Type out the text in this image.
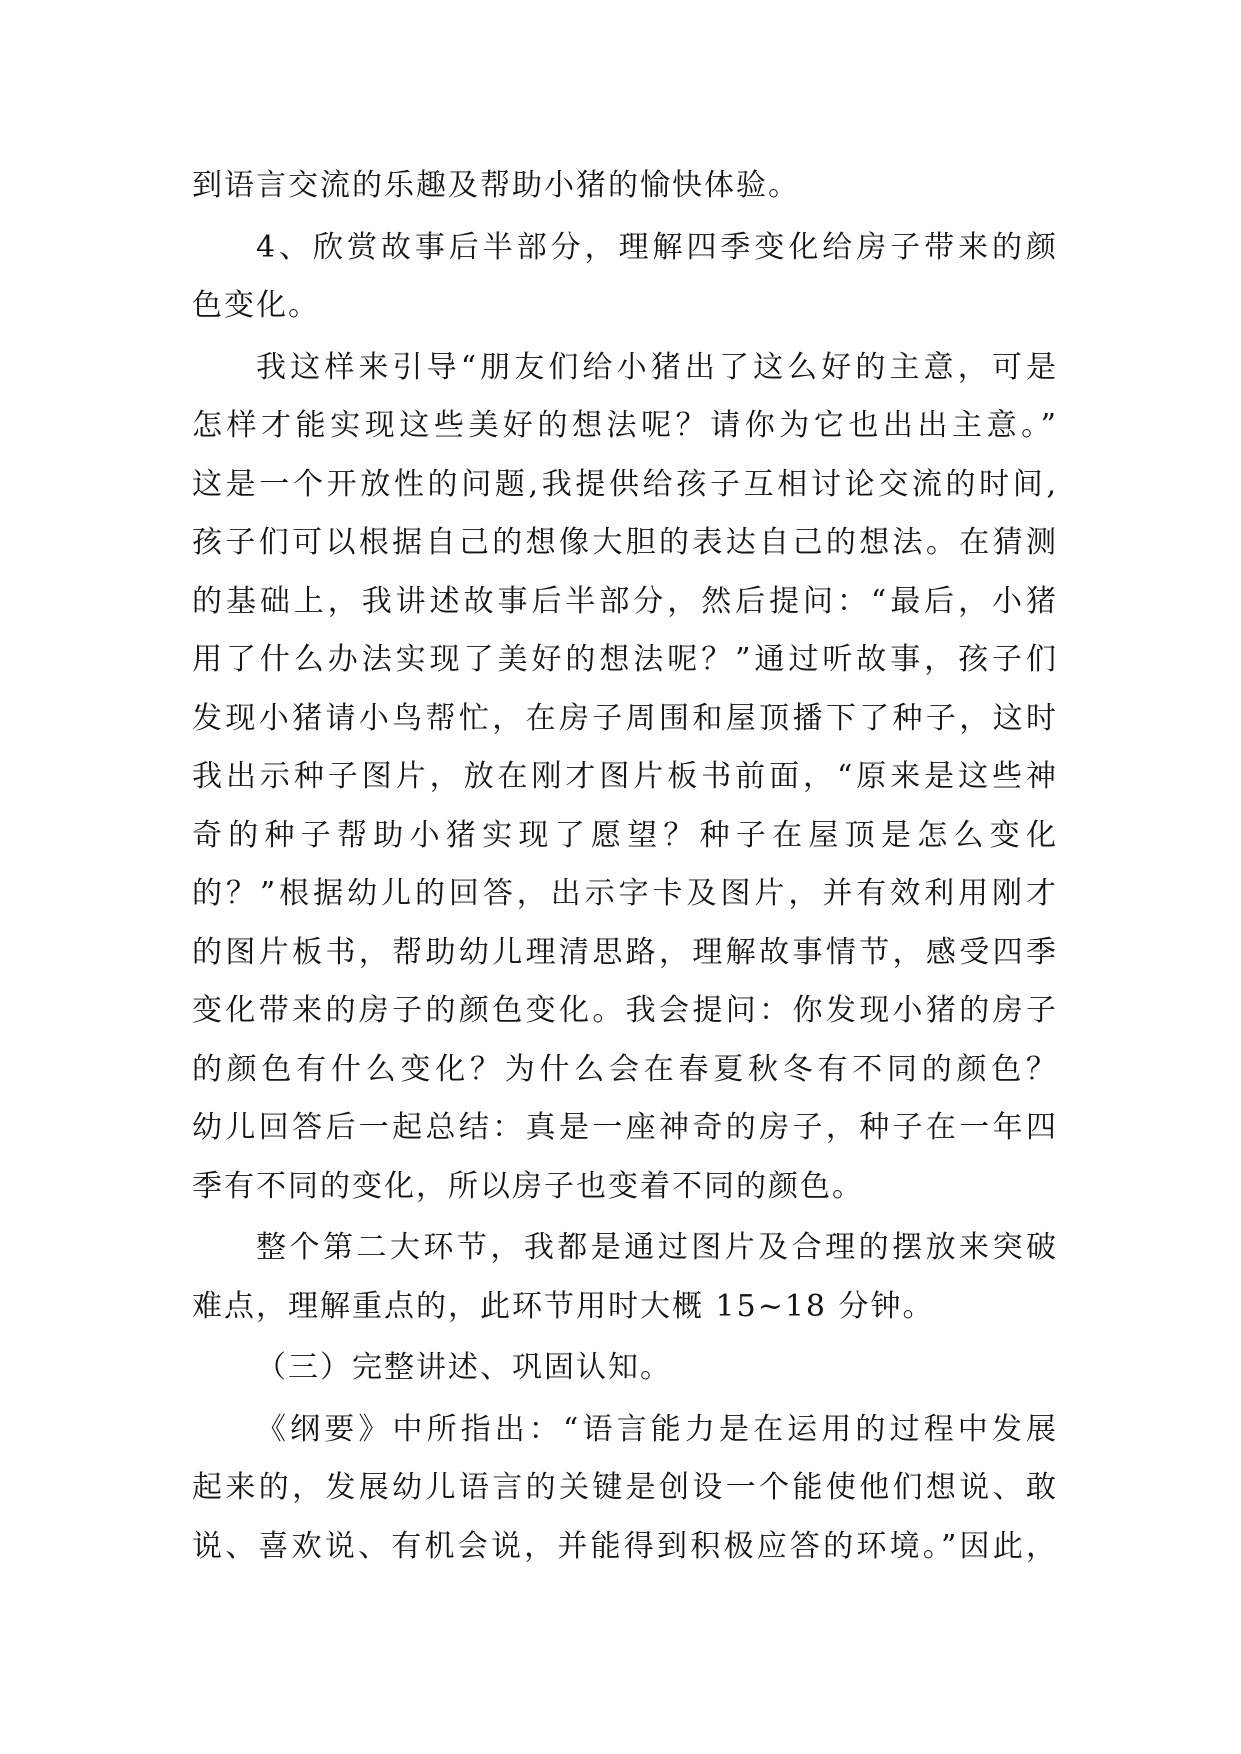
到语言交流的乐趣及帮助小猪的愉快体验。
4、欣赏故事后半部分，理解四季变化给房子带来的颜
色变化。
我这样来引导“朋友们给小猪出了这么好的主意，可是
怎样才能实现这些美好的想法呢？请你为它也出出主意。”
这是一个开放性的问题,我提供给孩子互相讨论交流的时间,
孩子们可以根据自己的想像大胆的表达自己的想法。在猜测
的基础上，我讲述故事后半部分，然后提问：“最后，小猪
用了什么办法实现了美好的想法呢？”通过听故事，孩子们
发现小猪请小鸟帮忙，在房子周围和屋顶播下了种子，这时
我出示种子图片，放在刚才图片板书前面，“原来是这些神
奇的种子帮助小猪实现了愿望？种子在屋顶是怎么变化
的？”根据幼儿的回答，出示字卡及图片，并有效利用刚才
的图片板书，帮助幼儿理清思路，理解故事情节，感受四季
变化带来的房子的颜色变化。我会提问：你发现小猪的房子
的颜色有什么变化？为什么会在春夏秋冬有不同的颜色？
幼儿回答后一起总结：真是一座神奇的房子，种子在一年四
季有不同的变化，所以房子也变着不同的颜色。
整个第二大环节，我都是通过图片及合理的摆放来突破
难点，理解重点的，此环节用时大概 15~18 分钟。
（三）完整讲述、巩固认知。
《纲要》中所指出：“语言能力是在运用的过程中发展
起来的，发展幼儿语言的关键是创设一个能使他们想说、敢
说、喜欢说、有机会说，并能得到积极应答的环境。”因此，
